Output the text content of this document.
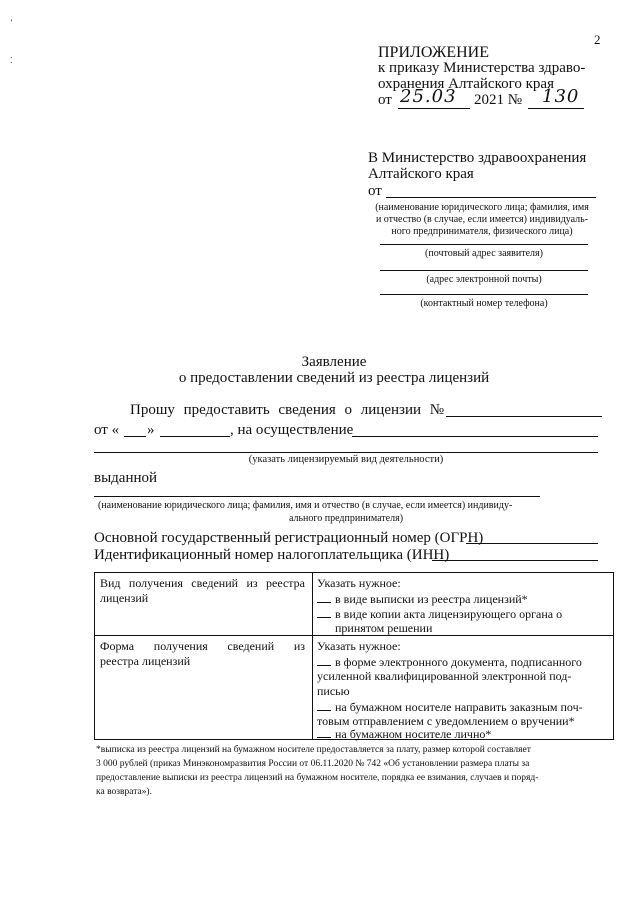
ʼ
⁚
2
ПРИЛОЖЕНИЕ
к приказу Министерства здраво-
охранения Алтайского края
от 25.03 2021 № 130
В Министерство здравоохранения
Алтайского края
от
(наименование юридического лица; фамилия, имя
и отчество (в случае, если имеется) индивидуаль-
ного предпринимателя, физического лица)
(почтовый адрес заявителя)
(адрес электронной почты)
(контактный номер телефона)
Заявление
о предоставлении сведений из реестра лицензий
Прошу предоставить сведения о лицензии №
от « »	, на осуществление
(указать лицензируемый вид деятельности)
выданной
(наименование юридического лица; фамилия, имя и отчество (в случае, если имеется) индивиду-
ального предпринимателя)
Основной государственный регистрационный номер (ОГРН)
Идентификационный номер налогоплательщика (ИНН)
Вид получения сведений из реестра
лицензий
Указать нужное:
в виде выписки из реестра лицензий*
в виде копии акта лицензирующего органа о
принятом решении
Форма получения сведений из
реестра лицензий
Указать нужное:
в форме электронного документа, подписанного
усиленной квалифицированной электронной под-
писью
на бумажном носителе направить заказным поч-
товым отправлением с уведомлением о вручении*
на бумажном носителе лично*
*выписка из реестра лицензий на бумажном носителе предоставляется за плату, размер которой составляет
3 000 рублей (приказ Минэкономразвития России от 06.11.2020 № 742 «Об установлении размера платы за
предоставление выписки из реестра лицензий на бумажном носителе, порядка ее взимания, случаев и поряд-
ка возврата»).
